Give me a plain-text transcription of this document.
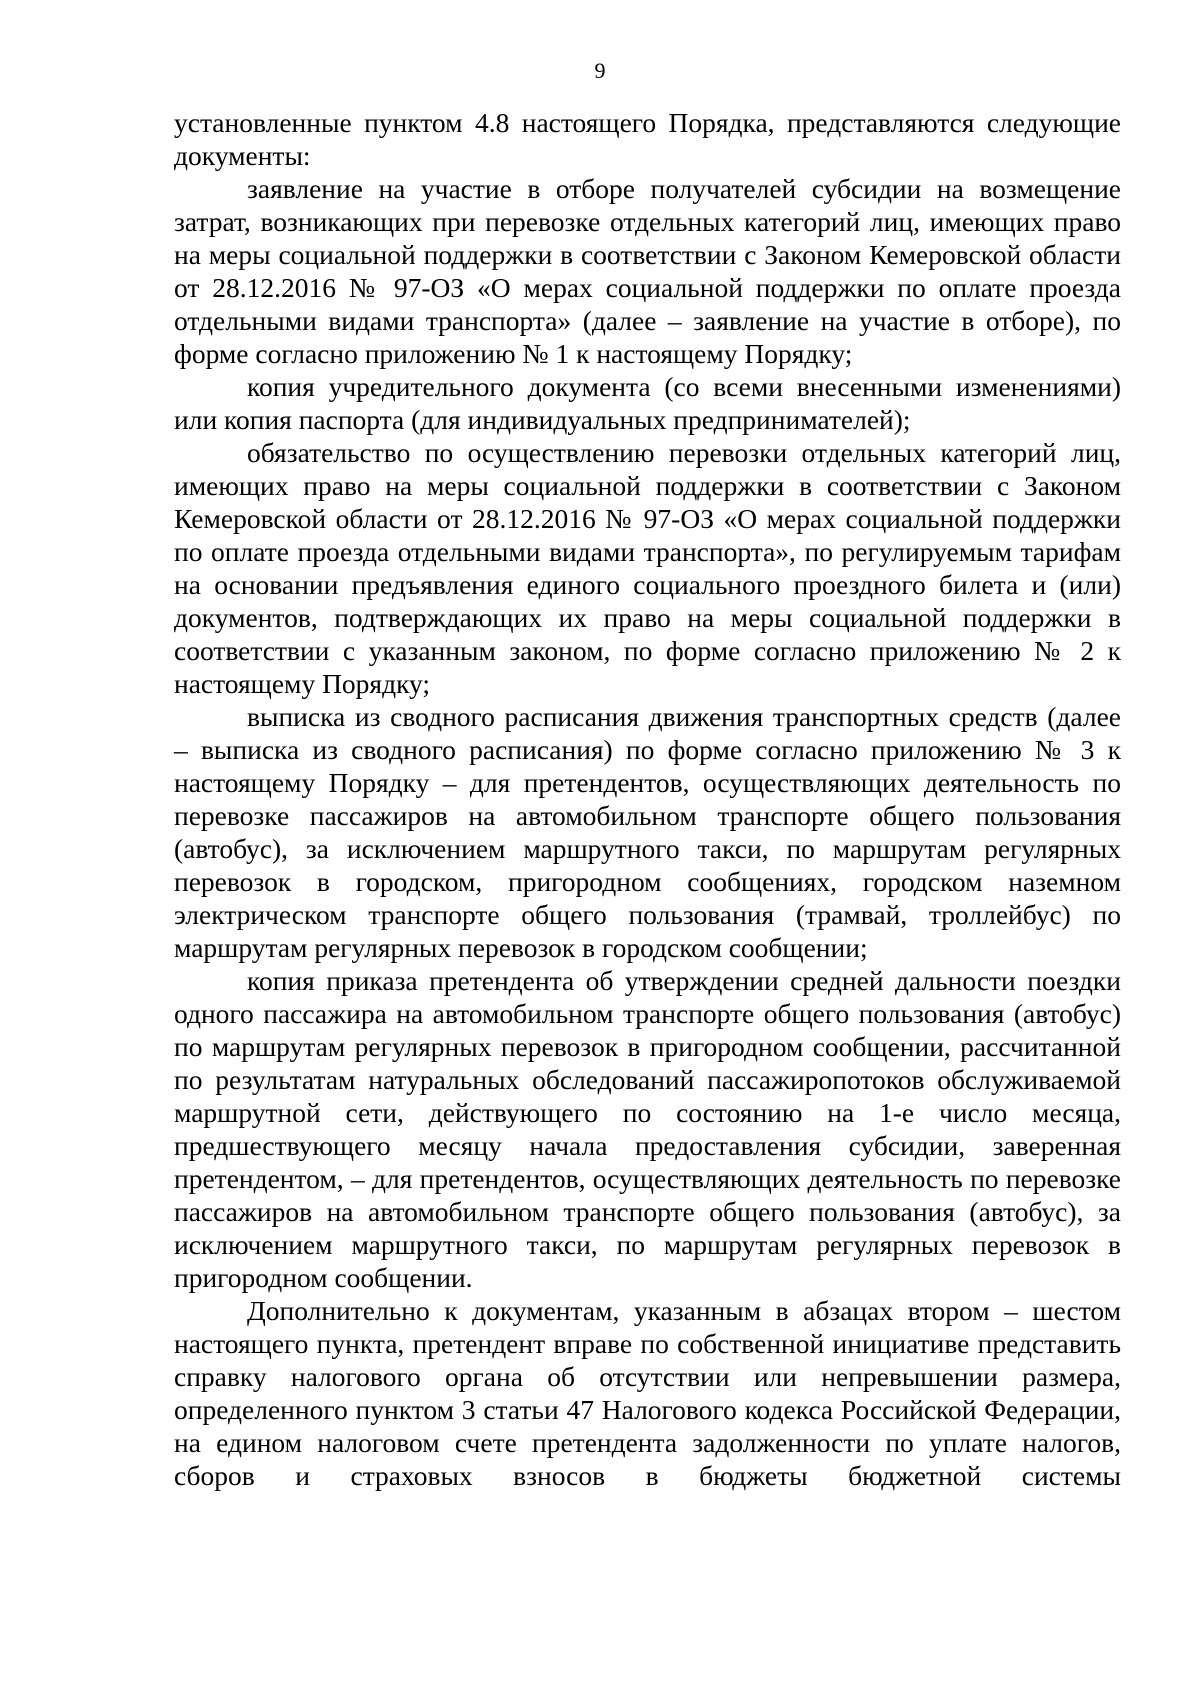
9

установленные пунктом 4.8 настоящего Порядка, представляются следующие документы:

заявление на участие в отборе получателей субсидии на возмещение затрат, возникающих при перевозке отдельных категорий лиц, имеющих право на меры социальной поддержки в соответствии с Законом Кемеровской области от 28.12.2016 № 97-ОЗ «О мерах социальной поддержки по оплате проезда отдельными видами транспорта» (далее – заявление на участие в отборе), по форме согласно приложению № 1 к настоящему Порядку;

копия учредительного документа (со всеми внесенными изменениями) или копия паспорта (для индивидуальных предпринимателей);

обязательство по осуществлению перевозки отдельных категорий лиц, имеющих право на меры социальной поддержки в соответствии с Законом Кемеровской области от 28.12.2016 № 97-ОЗ «О мерах социальной поддержки по оплате проезда отдельными видами транспорта», по регулируемым тарифам на основании предъявления единого социального проездного билета и (или) документов, подтверждающих их право на меры социальной поддержки в соответствии с указанным законом, по форме согласно приложению № 2 к настоящему Порядку;

выписка из сводного расписания движения транспортных средств (далее – выписка из сводного расписания) по форме согласно приложению № 3 к настоящему Порядку – для претендентов, осуществляющих деятельность по перевозке пассажиров на автомобильном транспорте общего пользования (автобус), за исключением маршрутного такси, по маршрутам регулярных перевозок в городском, пригородном сообщениях, городском наземном электрическом транспорте общего пользования (трамвай, троллейбус) по маршрутам регулярных перевозок в городском сообщении;

копия приказа претендента об утверждении средней дальности поездки одного пассажира на автомобильном транспорте общего пользования (автобус) по маршрутам регулярных перевозок в пригородном сообщении, рассчитанной по результатам натуральных обследований пассажиропотоков обслуживаемой маршрутной сети, действующего по состоянию на 1-е число месяца, предшествующего месяцу начала предоставления субсидии, заверенная претендентом, – для претендентов, осуществляющих деятельность по перевозке пассажиров на автомобильном транспорте общего пользования (автобус), за исключением маршрутного такси, по маршрутам регулярных перевозок в пригородном сообщении.

Дополнительно к документам, указанным в абзацах втором – шестом настоящего пункта, претендент вправе по собственной инициативе представить справку налогового органа об отсутствии или непревышении размера, определенного пунктом 3 статьи 47 Налогового кодекса Российской Федерации, на едином налоговом счете претендента задолженности по уплате налогов, сборов и страховых взносов в бюджеты бюджетной системы
